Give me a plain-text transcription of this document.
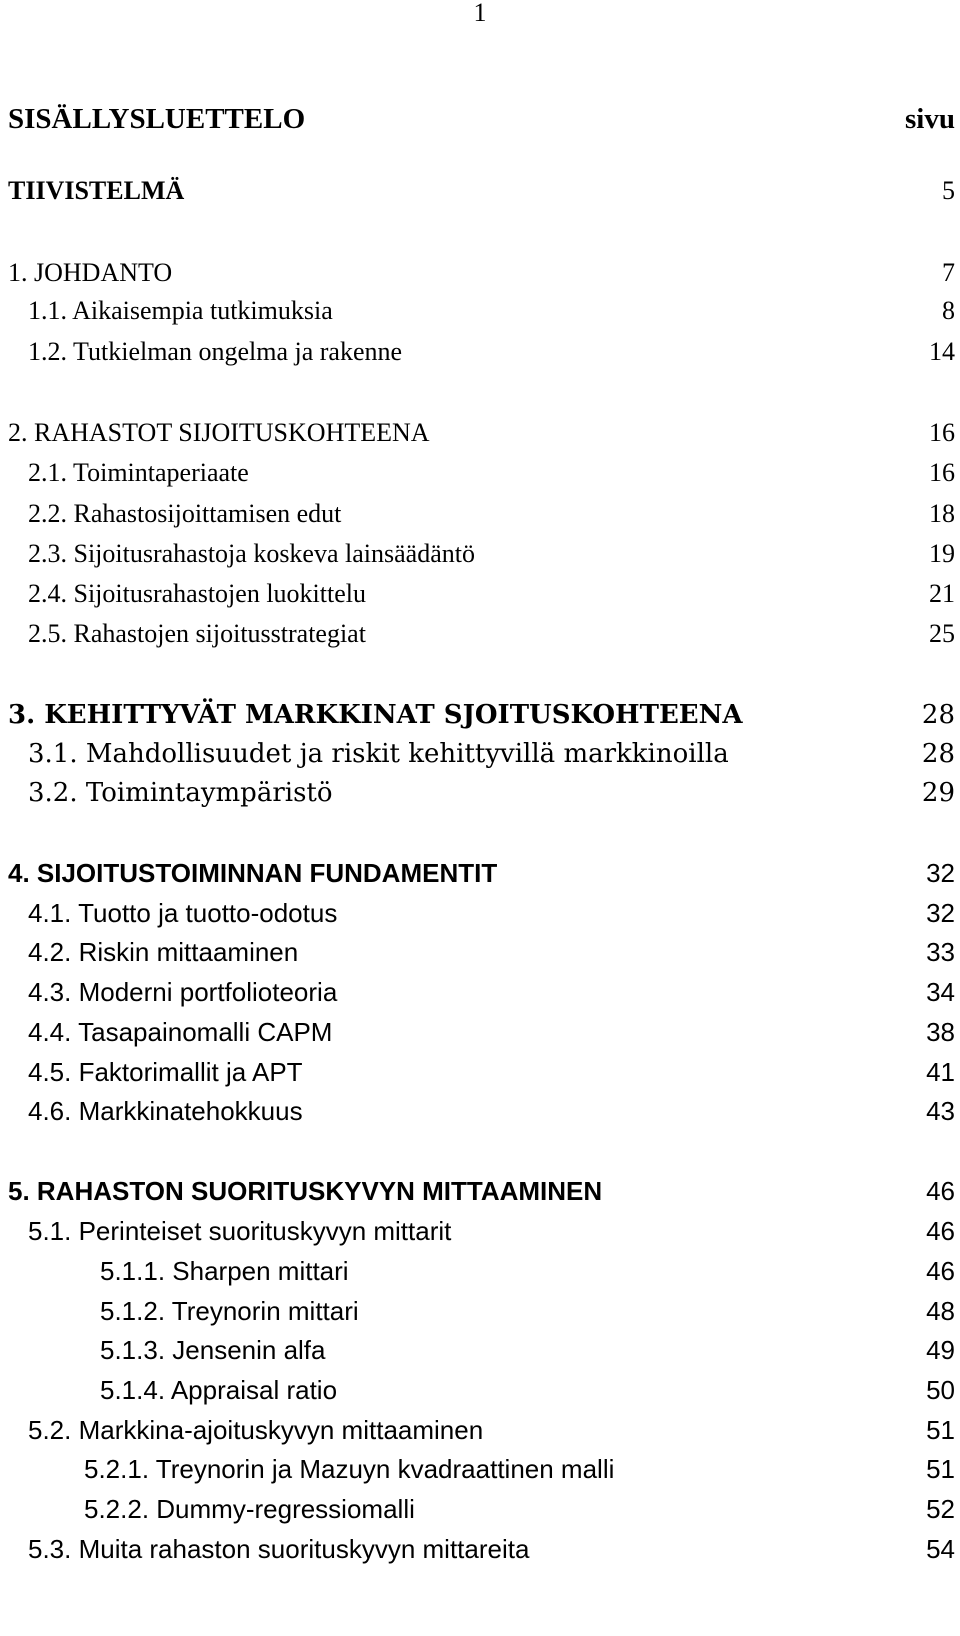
1
SISÄLLYSLUETTELO	sivu
TIIVISTELMÄ	5
1. JOHDANTO	7
1.1. Aikaisempia tutkimuksia	8
1.2. Tutkielman ongelma ja rakenne	14
2. RAHASTOT SIJOITUSKOHTEENA	16
2.1. Toimintaperiaate	16
2.2. Rahastosijoittamisen edut	18
2.3. Sijoitusrahastoja koskeva lainsäädäntö	19
2.4. Sijoitusrahastojen luokittelu	21
2.5. Rahastojen sijoitusstrategiat	25
3. KEHITTYVÄT MARKKINAT SJOITUSKOHTEENA	28
3.1. Mahdollisuudet ja riskit kehittyvillä markkinoilla	28
3.2. Toimintaympäristö	29
4. SIJOITUSTOIMINNAN FUNDAMENTIT	32
4.1. Tuotto ja tuotto-odotus	32
4.2. Riskin mittaaminen	33
4.3. Moderni portfolioteoria	34
4.4. Tasapainomalli CAPM	38
4.5. Faktorimallit ja APT	41
4.6. Markkinatehokkuus	43
5. RAHASTON SUORITUSKYVYN MITTAAMINEN	46
5.1. Perinteiset suorituskyvyn mittarit	46
5.1.1. Sharpen mittari	46
5.1.2. Treynorin mittari	48
5.1.3. Jensenin alfa	49
5.1.4. Appraisal ratio	50
5.2. Markkina-ajoituskyvyn mittaaminen	51
5.2.1. Treynorin ja Mazuyn kvadraattinen malli	51
5.2.2. Dummy-regressiomalli	52
5.3. Muita rahaston suorituskyvyn mittareita	54
